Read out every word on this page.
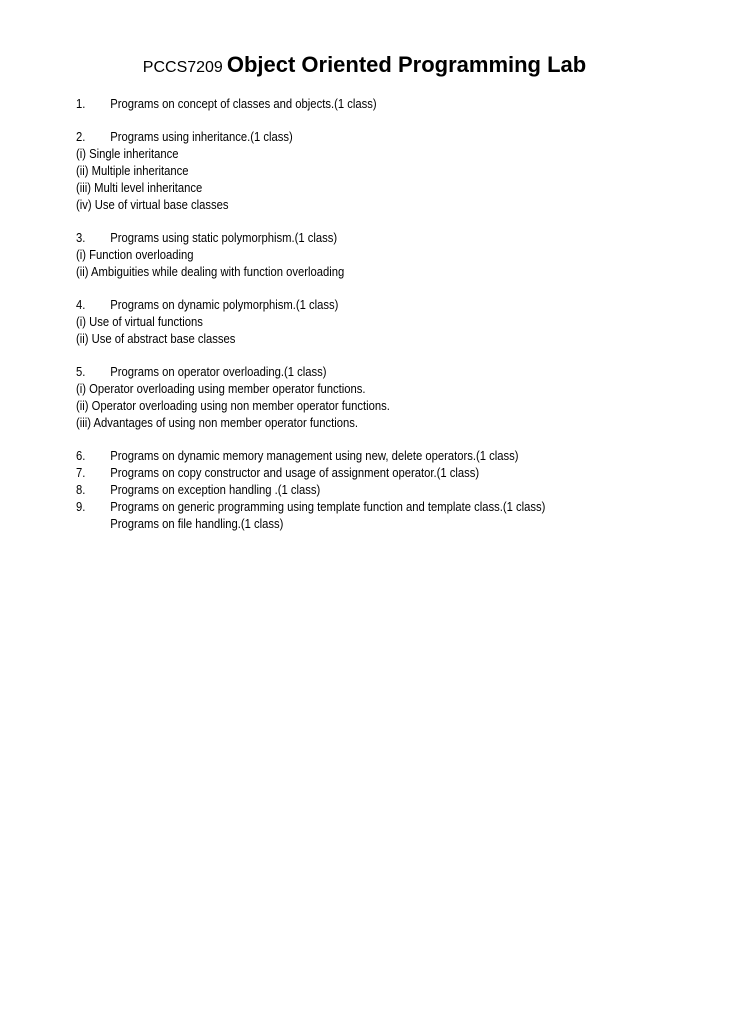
PCCS7209 Object Oriented Programming Lab
1.	Programs on concept of classes and objects.(1 class)
2.	Programs using inheritance.(1 class)
(i) Single inheritance
(ii) Multiple inheritance
(iii) Multi level inheritance
(iv) Use of virtual base classes
3.	Programs using static polymorphism.(1 class)
(i) Function overloading
(ii) Ambiguities while dealing with function overloading
4.	Programs on dynamic polymorphism.(1 class)
(i) Use of virtual functions
(ii) Use of abstract base classes
5.	Programs on operator overloading.(1 class)
(i) Operator overloading using member operator functions.
(ii) Operator overloading using non member operator functions.
(iii) Advantages of using non member operator functions.
6.	Programs on dynamic memory management using new, delete operators.(1 class)
7.	Programs on copy constructor and usage of assignment operator.(1 class)
8.	Programs on exception handling .(1 class)
9.	Programs on generic programming using template function and template class.(1 class)
Programs on file handling.(1 class)
